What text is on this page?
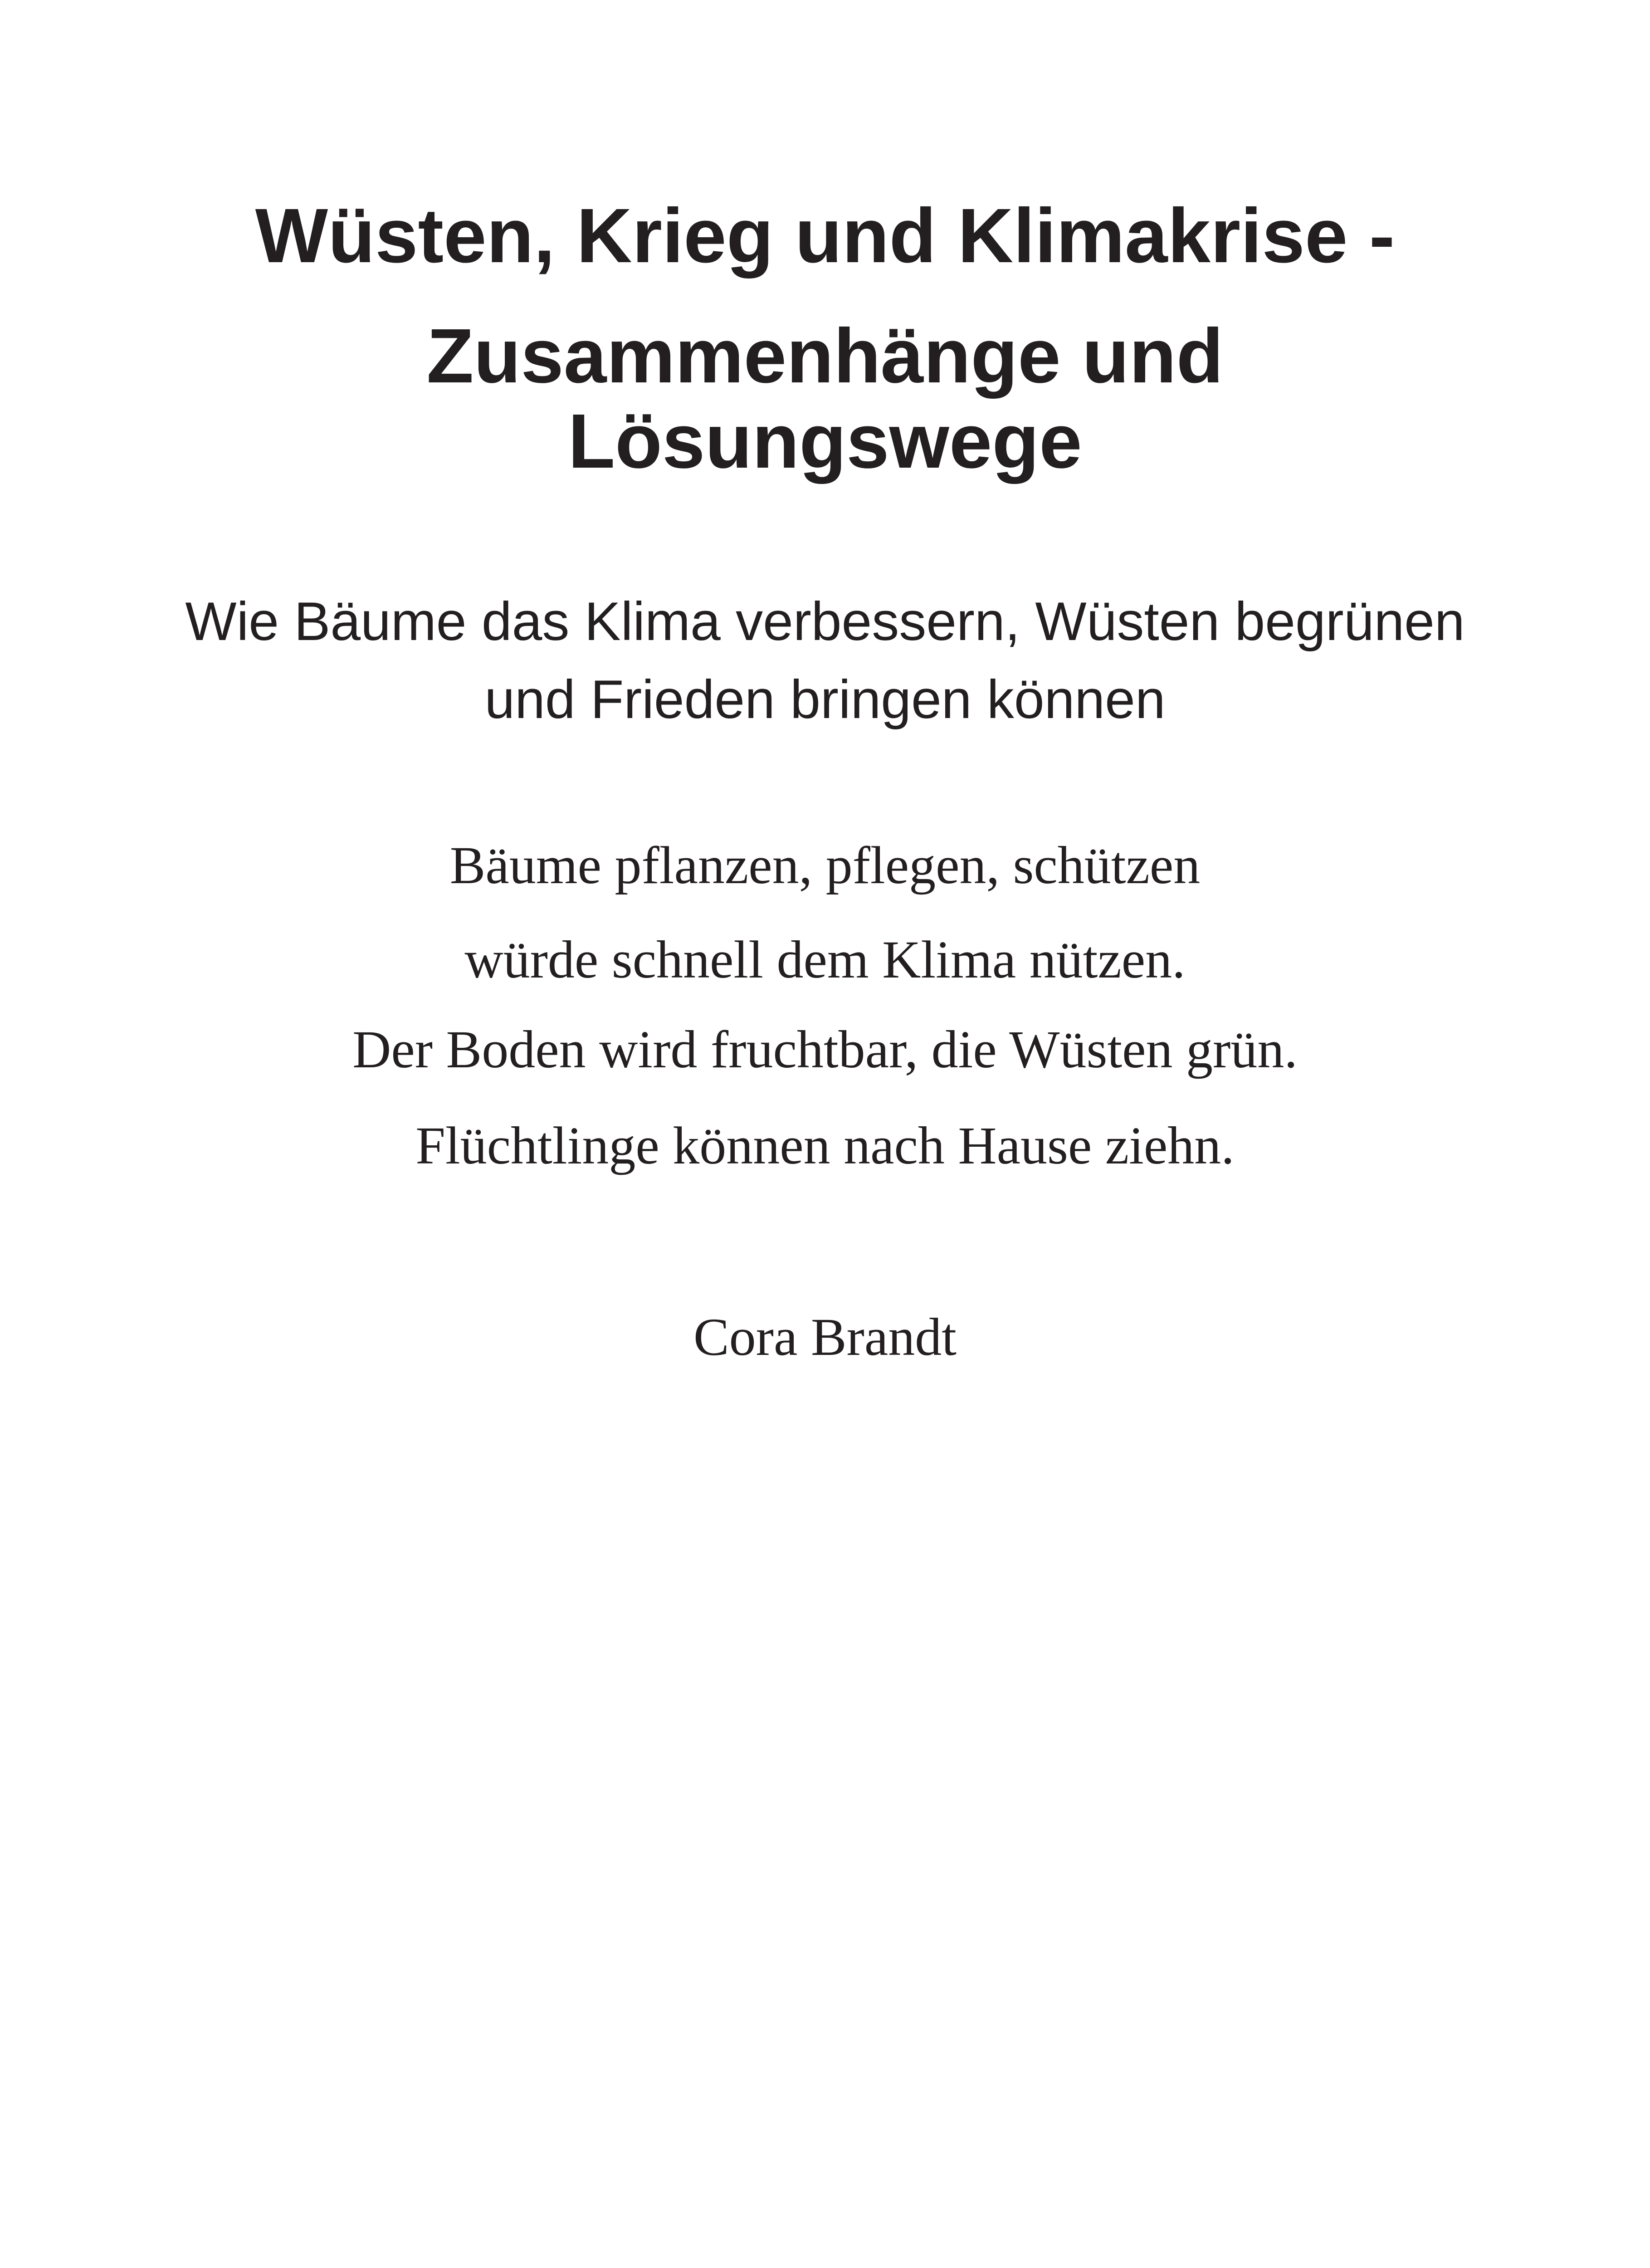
Wüsten, Krieg und Klimakrise -
Zusammenhänge und
Lösungswege
Wie Bäume das Klima verbessern, Wüsten begrünen
und Frieden bringen können
Bäume pflanzen, pflegen, schützen
würde schnell dem Klima nützen.
Der Boden wird fruchtbar, die Wüsten grün.
Flüchtlinge können nach Hause ziehn.
Cora Brandt
